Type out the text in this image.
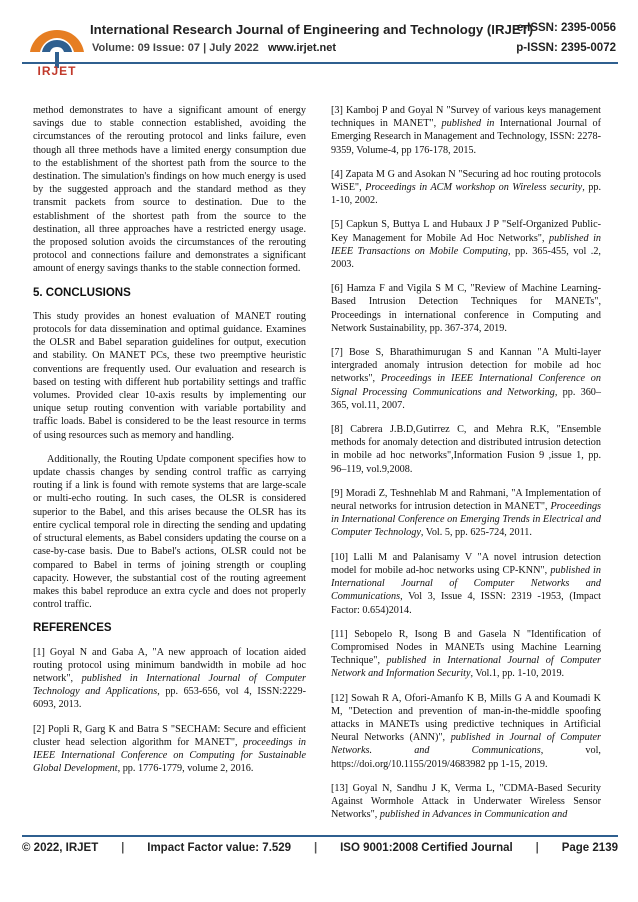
IRJET
International Research Journal of Engineering and Technology (IRJET)
e-ISSN: 2395-0056
Volume: 09 Issue: 07 | July 2022 www.irjet.net	p-ISSN: 2395-0072

method demonstrates to have a significant amount of energy savings due to stable connection established, avoiding the circumstances of the rerouting protocol and links failure, even though all three methods have a limited energy consumption due to the establishment of the shortest path from the source to the destination. The simulation's findings on how much energy is used by the suggested approach and the standard method as they transmit packets from source to destination. Due to the establishment of the shortest path from the source to the destination, all three approaches have a restricted energy usage. the proposed solution avoids the circumstances of the rerouting protocol and connections failure and demonstrates a significant amount of energy savings thanks to the stable connection formed.

5. CONCLUSIONS

This study provides an honest evaluation of MANET routing protocols for data dissemination and optimal guidance. Examines the OLSR and Babel separation guidelines for output, execution and stability. On MANET PCs, these two preemptive heuristic conventions are frequently used. Our evaluation and research is based on testing with different hub portability settings and traffic volumes. Provided clear 10-axis results by implementing our unique setup routing convention with variable portability and traffic loads. Babel is considered to be the least resource in terms of using resources such as memory and handling.

Additionally, the Routing Update component specifies how to update chassis changes by sending control traffic as carrying routing if a link is found with remote systems that are large-scale or multi-echo routing. In such cases, the OLSR is considered superior to the Babel, and this arises because the OLSR has its entire cyclical temporal role in directing the sending and updating of structural elements, as Babel considers updating the course on a case-by-case basis. Due to Babel's actions, OLSR could not be compared to Babel in terms of joining strength or coupling capacity. However, the substantial cost of the routing agreement makes this babel reproduce an extra cycle and does not properly control traffic.

REFERENCES

[1] Goyal N and Gaba A, "A new approach of location aided routing protocol using minimum bandwidth in mobile ad hoc network", published in International Journal of Computer Technology and Applications, pp. 653-656, vol 4, ISSN:2229-6093, 2013.

[2] Popli R, Garg K and Batra S "SECHAM: Secure and efficient cluster head selection algorithm for MANET", proceedings in IEEE International Conference on Computing for Sustainable Global Development, pp. 1776-1779, volume 2, 2016.

[3] Kamboj P and Goyal N "Survey of various keys management techniques in MANET", published in International Journal of Emerging Research in Management and Technology, ISSN: 2278-9359, Volume-4, pp 176-178, 2015.

[4] Zapata M G and Asokan N "Securing ad hoc routing protocols WiSE", Proceedings in ACM workshop on Wireless security, pp. 1-10, 2002.

[5] Capkun S, Buttya L and Hubaux J P "Self-Organized Public-Key Management for Mobile Ad Hoc Networks", published in IEEE Transactions on Mobile Computing, pp. 365-455, vol .2, 2003.

[6] Hamza F and Vigila S M C, "Review of Machine Learning-Based Intrusion Detection Techniques for MANETs", Proceedings in international conference in Computing and Network Sustainability, pp. 367-374, 2019.

[7] Bose S, Bharathimurugan S and Kannan "A Multi-layer intergraded anomaly intrusion detection for mobile ad hoc networks", Proceedings in IEEE International Conference on Signal Processing Communications and Networking, pp. 360–365, vol.11, 2007.

[8] Cabrera J.B.D,Gutirrez C, and Mehra R.K, "Ensemble methods for anomaly detection and distributed intrusion detection in mobile ad hoc networks",Information Fusion 9 ,issue 1, pp. 96–119, vol.9,2008.

[9] Moradi Z, Teshnehlab M and Rahmani, "A Implementation of neural networks for intrusion detection in MANET", Proceedings in International Conference on Emerging Trends in Electrical and Computer Technology, Vol. 5, pp. 625-724, 2011.

[10] Lalli M and Palanisamy V "A novel intrusion detection model for mobile ad-hoc networks using CP-KNN", published in International Journal of Computer Networks and Communications, Vol 3, Issue 4, ISSN: 2319 -1953, (Impact Factor: 0.654)2014.

[11] Sebopelo R, Isong B and Gasela N "Identification of Compromised Nodes in MANETs using Machine Learning Technique", published in International Journal of Computer Network and Information Security, Vol.1, pp. 1-10, 2019.

[12] Sowah R A, Ofori-Amanfo K B, Mills G A and Koumadi K M, "Detection and prevention of man-in-the-middle spoofing attacks in MANETs using predictive techniques in Artificial Neural Networks (ANN)", published in Journal of Computer Networks. and Communications, vol, https://doi.org/10.1155/2019/4683982 pp 1-15, 2019.

[13] Goyal N, Sandhu J K, Verma L, "CDMA-Based Security Against Wormhole Attack in Underwater Wireless Sensor Networks", published in Advances in Communication and

© 2022, IRJET | Impact Factor value: 7.529 | ISO 9001:2008 Certified Journal | Page 2139
